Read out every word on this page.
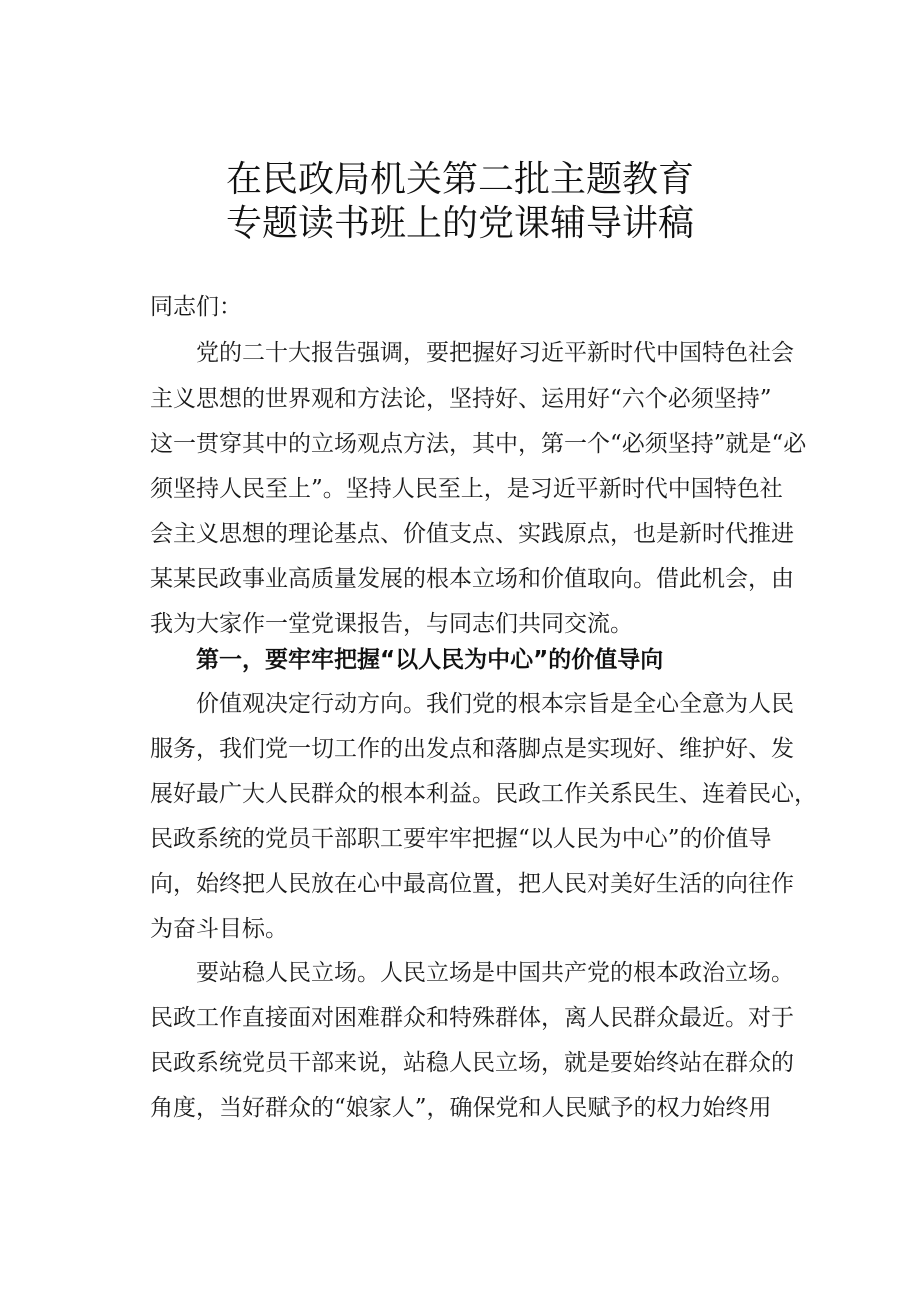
在民政局机关第二批主题教育
专题读书班上的党课辅导讲稿
同志们：
党的二十大报告强调，要把握好习近平新时代中国特色社会
主义思想的世界观和方法论，坚持好、运用好“六个必须坚持”
这一贯穿其中的立场观点方法，其中，第一个“必须坚持”就是“必
须坚持人民至上”。坚持人民至上，是习近平新时代中国特色社
会主义思想的理论基点、价值支点、实践原点，也是新时代推进
某某民政事业高质量发展的根本立场和价值取向。借此机会，由
我为大家作一堂党课报告，与同志们共同交流。
第一，要牢牢把握“以人民为中心”的价值导向
价值观决定行动方向。我们党的根本宗旨是全心全意为人民
服务，我们党一切工作的出发点和落脚点是实现好、维护好、发
展好最广大人民群众的根本利益。民政工作关系民生、连着民心，
民政系统的党员干部职工要牢牢把握“以人民为中心”的价值导
向，始终把人民放在心中最高位置，把人民对美好生活的向往作
为奋斗目标。
要站稳人民立场。人民立场是中国共产党的根本政治立场。
民政工作直接面对困难群众和特殊群体，离人民群众最近。对于
民政系统党员干部来说，站稳人民立场，就是要始终站在群众的
角度，当好群众的“娘家人”，确保党和人民赋予的权力始终用
